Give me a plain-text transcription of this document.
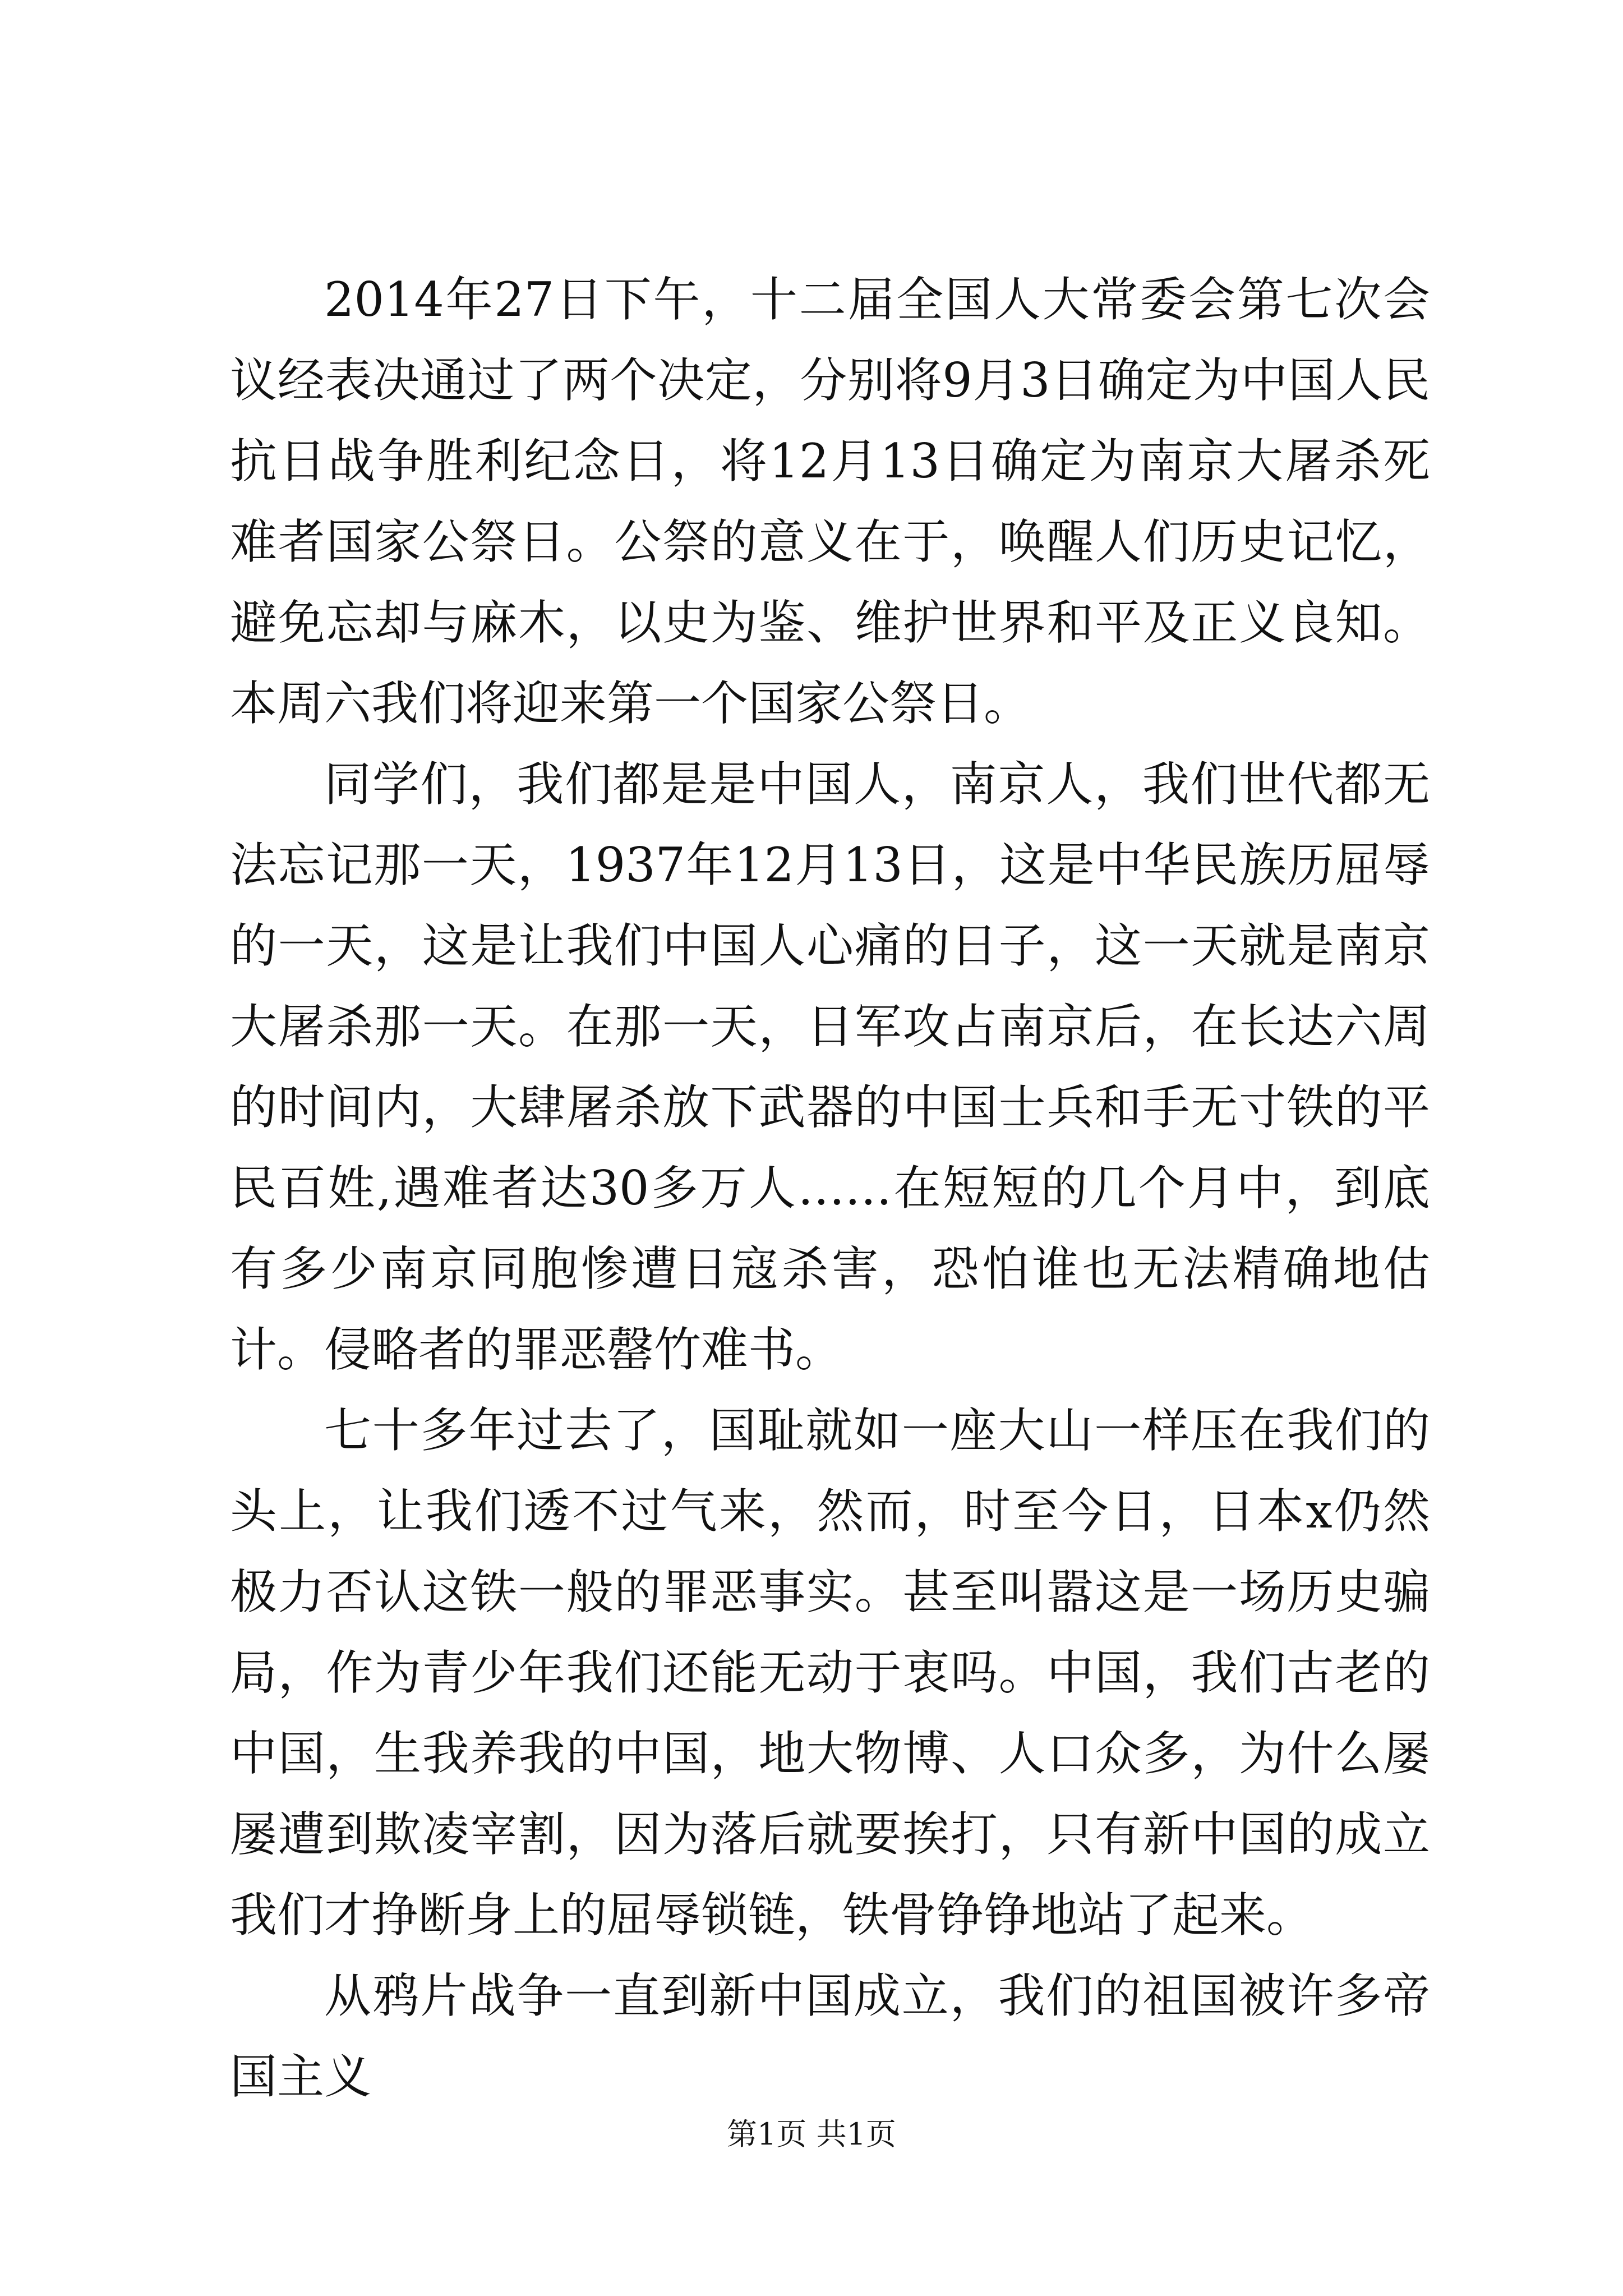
2014年27日下午，十二届全国人大常委会第七次会议经表决通过了两个决定，分别将9月3日确定为中国人民抗日战争胜利纪念日，将12月13日确定为南京大屠杀死难者国家公祭日。公祭的意义在于，唤醒人们历史记忆，避免忘却与麻木，以史为鉴、维护世界和平及正义良知。本周六我们将迎来第一个国家公祭日。

同学们，我们都是是中国人，南京人，我们世代都无法忘记那一天，1937年12月13日，这是中华民族历屈辱的一天，这是让我们中国人心痛的日子，这一天就是南京大屠杀那一天。在那一天，日军攻占南京后，在长达六周的时间内，大肆屠杀放下武器的中国士兵和手无寸铁的平民百姓,遇难者达30多万人……在短短的几个月中，到底有多少南京同胞惨遭日寇杀害，恐怕谁也无法精确地估计。侵略者的罪恶罄竹难书。

七十多年过去了，国耻就如一座大山一样压在我们的头上，让我们透不过气来，然而，时至今日，日本x仍然极力否认这铁一般的罪恶事实。甚至叫嚣这是一场历史骗局，作为青少年我们还能无动于衷吗。中国，我们古老的中国，生我养我的中国，地大物博、人口众多，为什么屡屡遭到欺凌宰割，因为落后就要挨打，只有新中国的成立我们才挣断身上的屈辱锁链，铁骨铮铮地站了起来。

从鸦片战争一直到新中国成立，我们的祖国被许多帝国主义

第1页 共1页
